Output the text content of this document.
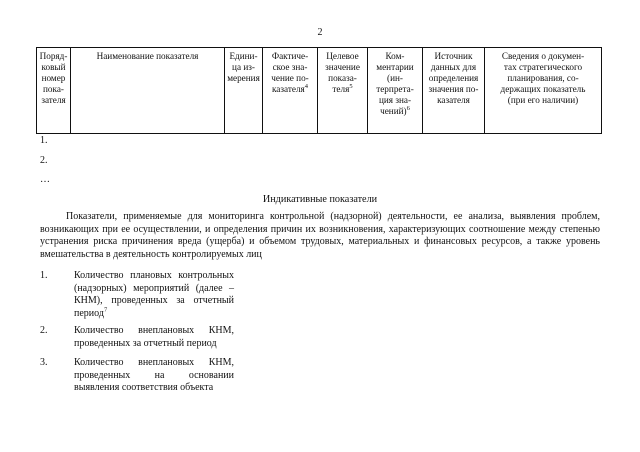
2
Поряд-
ковый
номер
пока-
зателя	Наименование показателя	Едини-
ца из-
мерения	Фактиче-
ское зна-
чение по-
казателя$^4$	Целевое
значение
показа-
теля$^5$	Ком-
ментарии (ин-
терпрета-
ция зна-
чений)$^6$	Источник
данных для
определения
значения по-
казателя	Сведения о докумен-
тах стратегического
планирования, со-
держащих показатель
(при его наличии)
1.
2.
…
Индикативные показатели

Показатели, применяемые для мониторинга контрольной (надзорной) деятельности, ее анализа, выявления проблем, возникающих при ее осуществлении, и определения причин их возникновения, характеризующих соотношение между степенью устранения риска причинения вреда (ущерба) и объемом трудовых, материальных и финансовых ресурсов, а также уровень вмешательства в деятельность контролируемых лиц

1.	Количество плановых контрольных (надзорных) мероприятий (далее – КНМ), проведенных за отчетный период$^7$
2.	Количество внеплановых КНМ, проведенных за отчетный период
3.	Количество внеплановых КНМ, проведенных на основании выявления соответствия объекта
